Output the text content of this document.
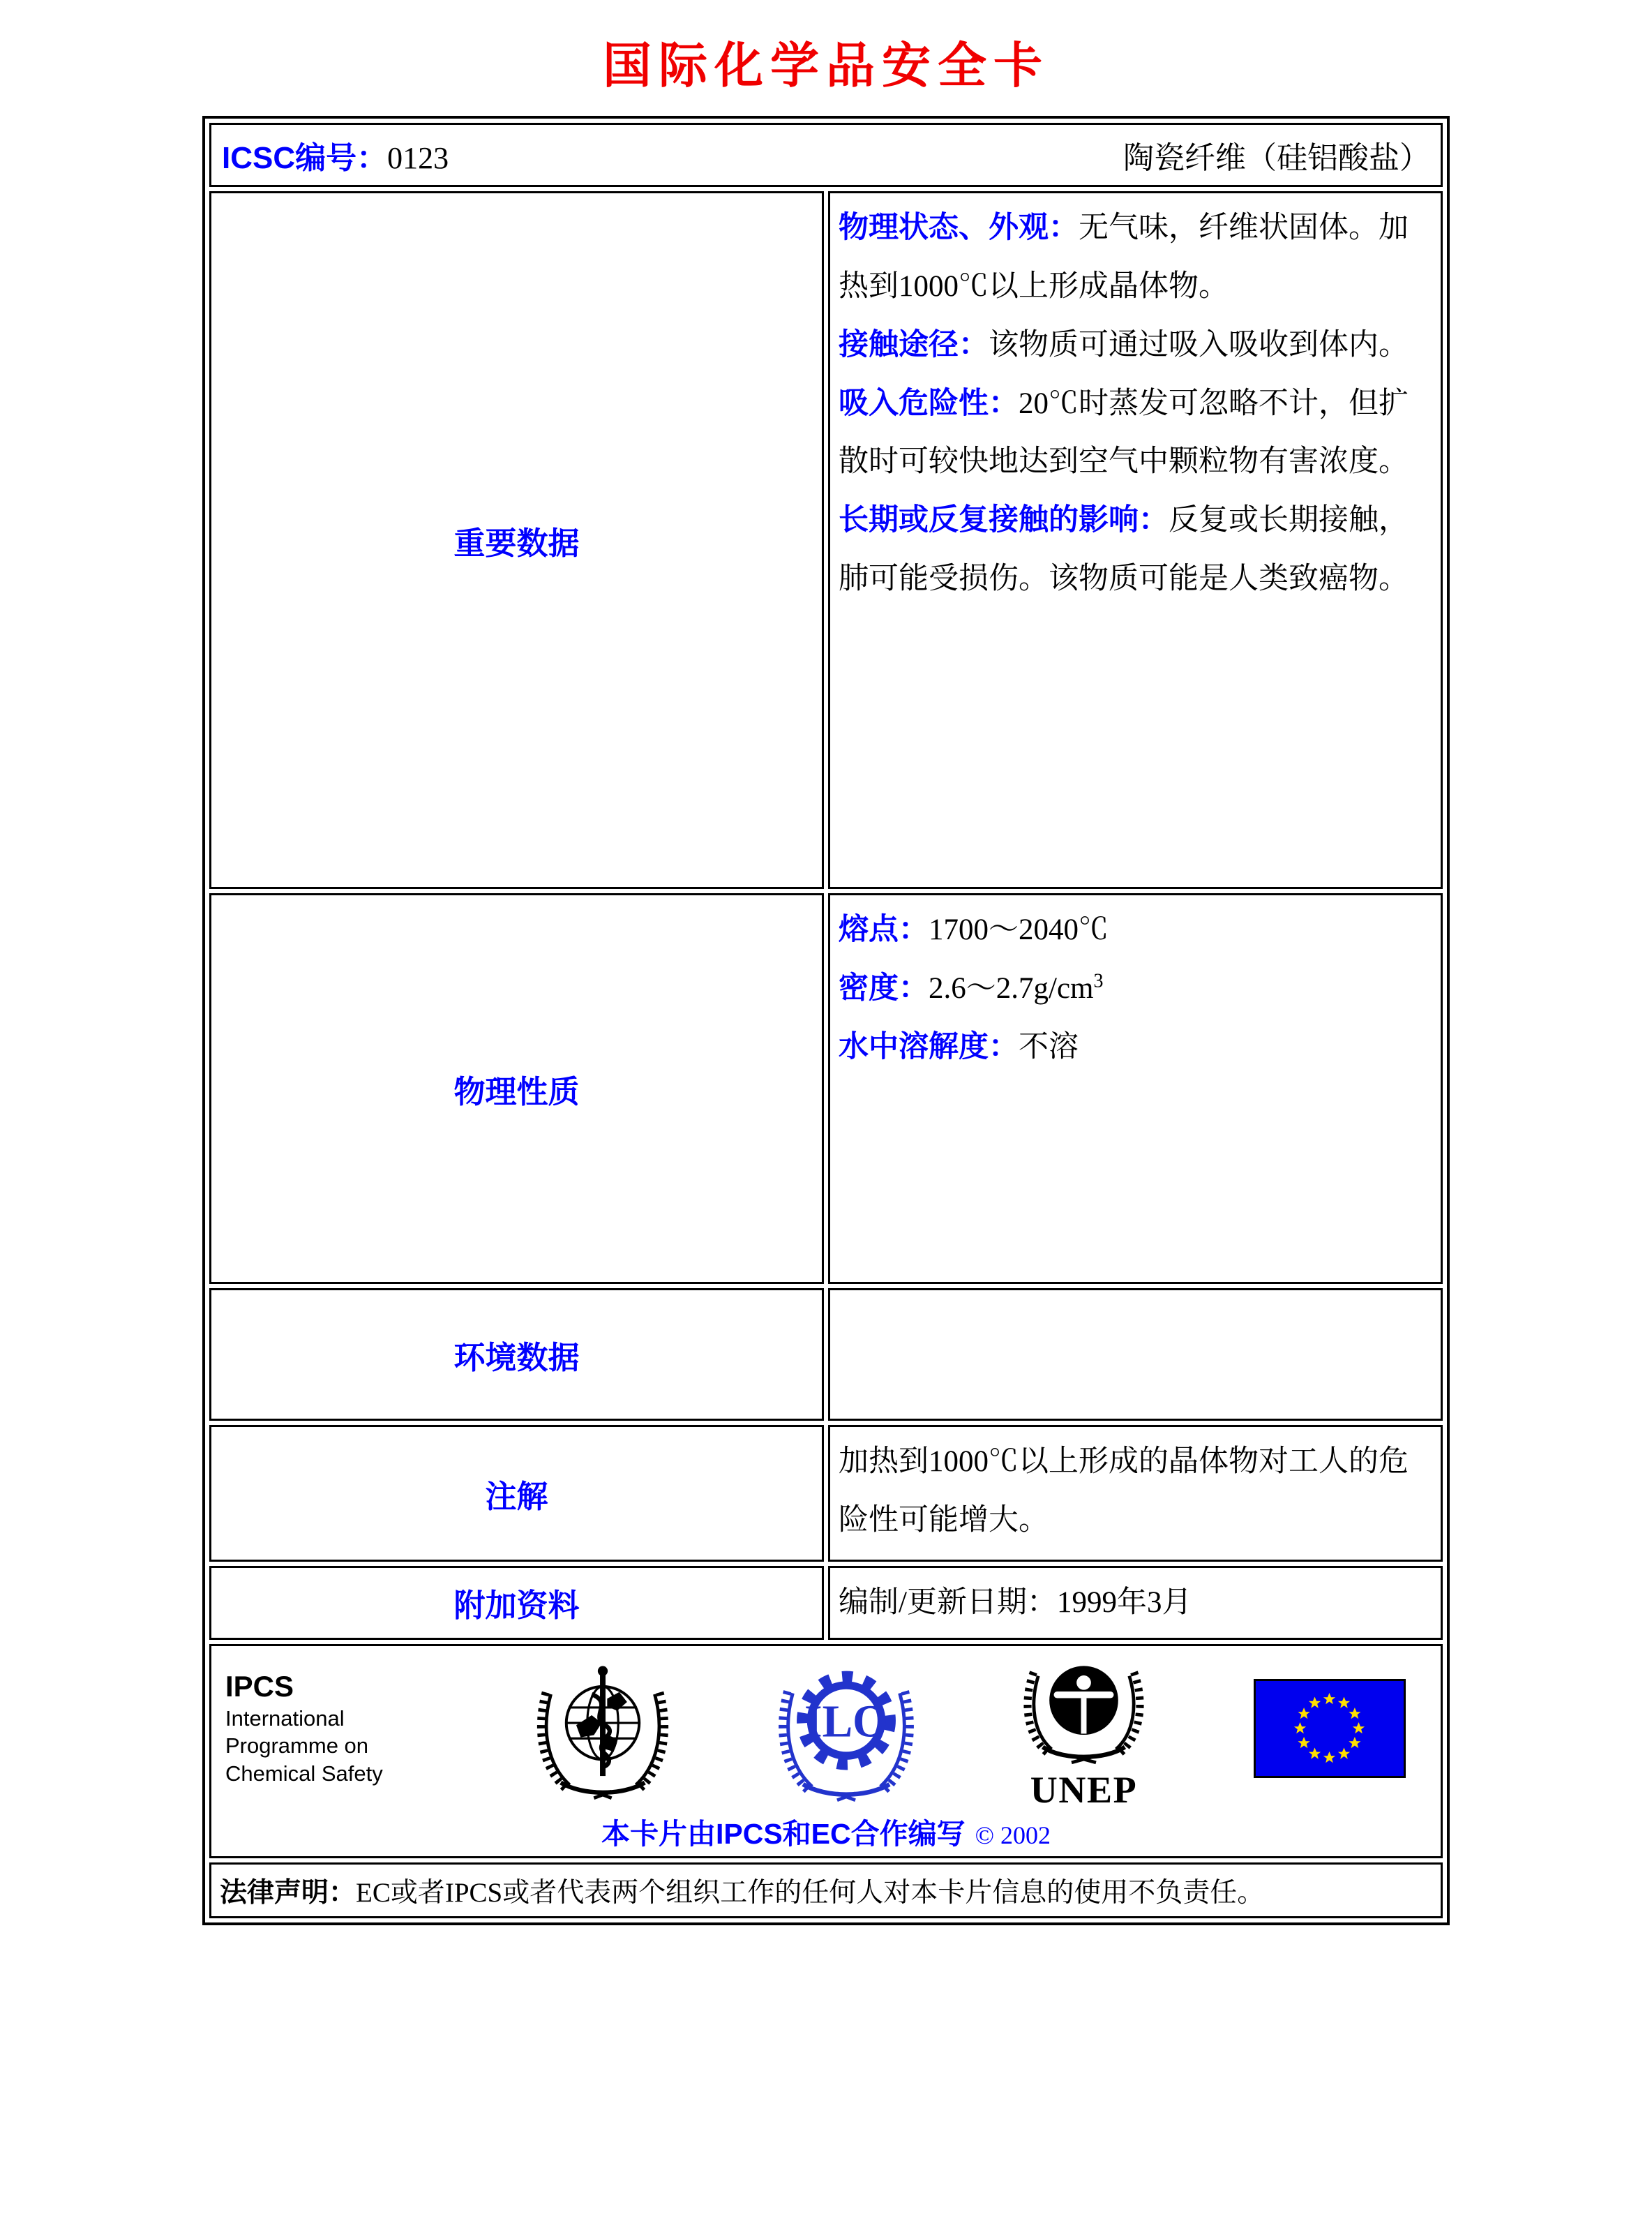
国际化学品安全卡
ICSC编号：0123 陶瓷纤维（硅铝酸盐）	

重要数据	物理状态、外观：无气味，纤维状固体。加热到1000℃以上形成晶体物。
接触途径：该物质可通过吸入吸收到体内。
吸入危险性：20℃时蒸发可忽略不计，但扩散时可较快地达到空气中颗粒物有害浓度。
长期或反复接触的影响：反复或长期接触，肺可能受损伤。该物质可能是人类致癌物。

物理性质	熔点：1700～2040℃
密度：$2.6\sim 2.7g/cm^3$
水中溶解度：不溶

环境数据	
注解	加热到1000℃以上形成的晶体物对工人的危险性可能增大。
附加资料	编制/更新日期：1999年3月

IPCS
International
Programme on
Chemical Safety
ILO
UNEP
本卡片由IPCS和EC合作编写 © 2002

法律声明：EC或者IPCS或者代表两个组织工作的任何人对本卡片信息的使用不负责任。	
